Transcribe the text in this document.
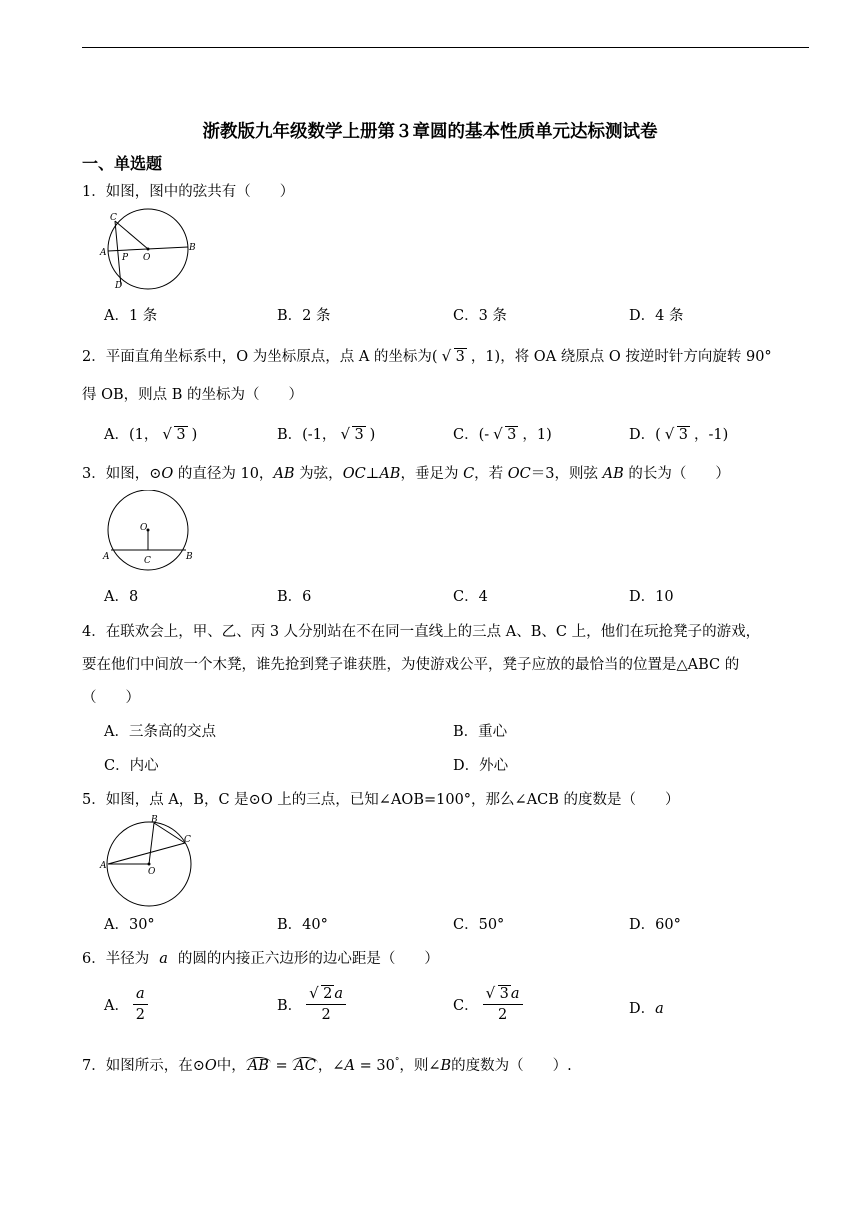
浙教版九年级数学上册第３章圆的基本性质单元达标测试卷
一、单选题
1．如图，图中的弦共有（　　）
C
A P O
B
D
A．1 条	B．2 条	C．3 条	D．4 条
2．平面直角坐标系中，O 为坐标原点，点 A 的坐标为( √ 3 ，1)，将 OA 绕原点 O 按逆时针方向旋转 90°
得 OB，则点 B 的坐标为（　　）
A．(1， √ 3 )	B．(-1， √ 3 )	C．(- √ 3 ，1)	D．( √ 3 ，-1)
3．如图，⊙O 的直径为 10，AB 为弦，OC⊥AB，垂足为 C，若 OC＝3，则弦 AB 的长为（　　）
O
A	C	B
A．8	B．6	C．4	D．10
4．在联欢会上，甲、乙、丙 3 人分别站在不在同一直线上的三点 A、B、C 上，他们在玩抢凳子的游戏，
要在他们中间放一个木凳，谁先抢到凳子谁获胜，为使游戏公平，凳子应放的最恰当的位置是△ABC 的
（　　）
A．三条高的交点	B．重心
C．内心	D．外心
5．如图，点 A，B，C 是⊙O 上的三点，已知∠AOB=100°，那么∠ACB 的度数是（　　）
B
C
A
O
A．30°	B．40°	C．50°	D．60°
6．半径为 a 的圆的内接正六边形的边心距是（　　）
A． $\frac{a}{2}$	B． √ $\frac{2 a}{2}$	C． √ $\frac{3 a}{2}$	D．a
7．如图所示，在⊙O中， AB = AC ，∠A = 30°，则∠B的度数为（　　）.
